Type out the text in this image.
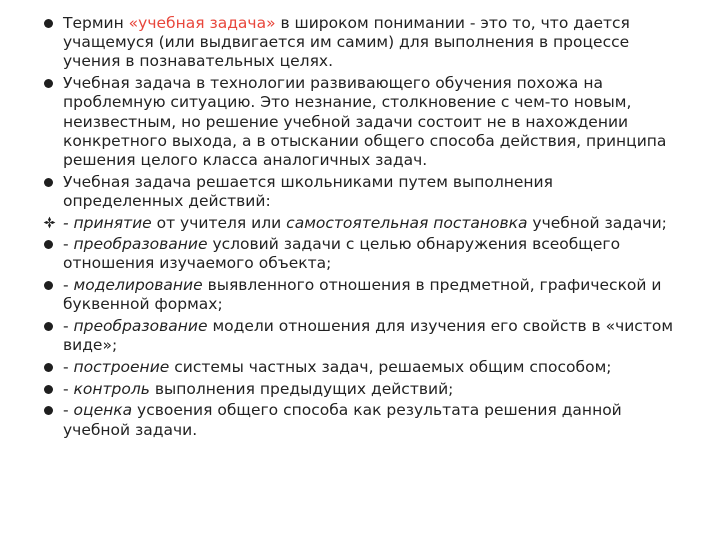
Термин «учебная задача» в широком понимании - это то, что дается учащемуся (или выдвигается им самим) для выполнения в процессе учения в познавательных целях.
Учебная задача в технологии развивающего обучения похожа на проблемную ситуацию. Это незнание, столкновение с чем-то новым, неизвестным, но решение учебной задачи состоит не в нахождении конкретного выхода, а в отыскании общего способа действия, принципа решения целого класса аналогичных задач.
Учебная задача решается школьниками путем выполнения определенных действий:
- принятие от учителя или самостоятельная постановка учебной задачи;
- преобразование условий задачи с целью обнаружения всеобщего отношения изучаемого объекта;
- моделирование выявленного отношения в предметной, графической и буквенной формах;
- преобразование модели отношения для изучения его свойств в «чистом виде»;
- построение системы частных задач, решаемых общим способом;
- контроль выполнения предыдущих действий;
- оценка усвоения общего способа как результата решения данной учебной задачи.
